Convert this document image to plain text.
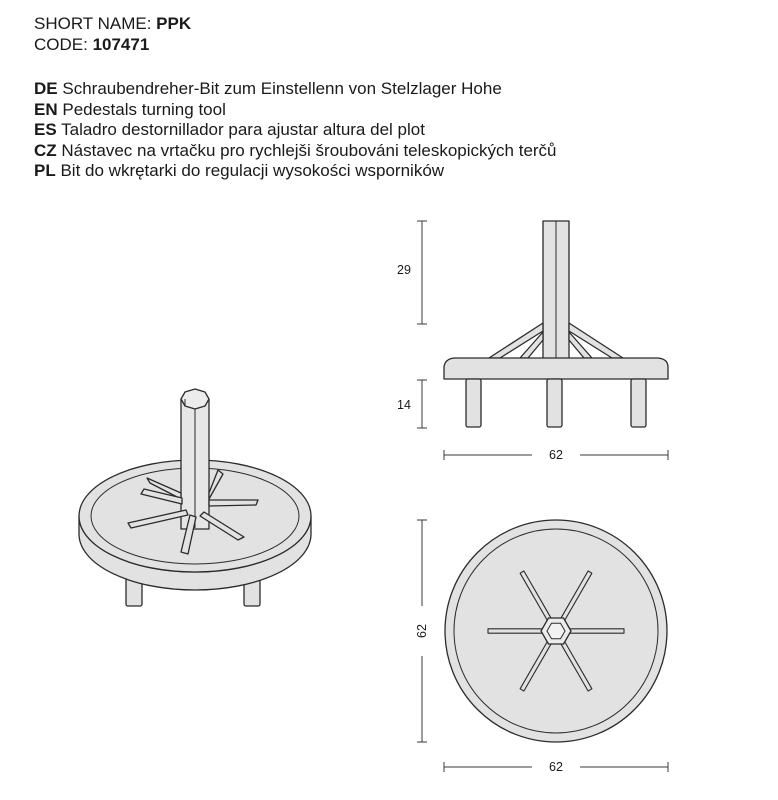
SHORT NAME: PPK
CODE: 107471
DE Schraubendreher-Bit zum Einstellenn von Stelzlager Hohe
EN Pedestals turning tool
ES Taladro destornillador para ajustar altura del plot
CZ Nástavec na vrtačku pro rychlejši šroubováni teleskopických terčů
PL Bit do wkrętarki do regulacji wysokości wsporników
29
14
62
62
62
